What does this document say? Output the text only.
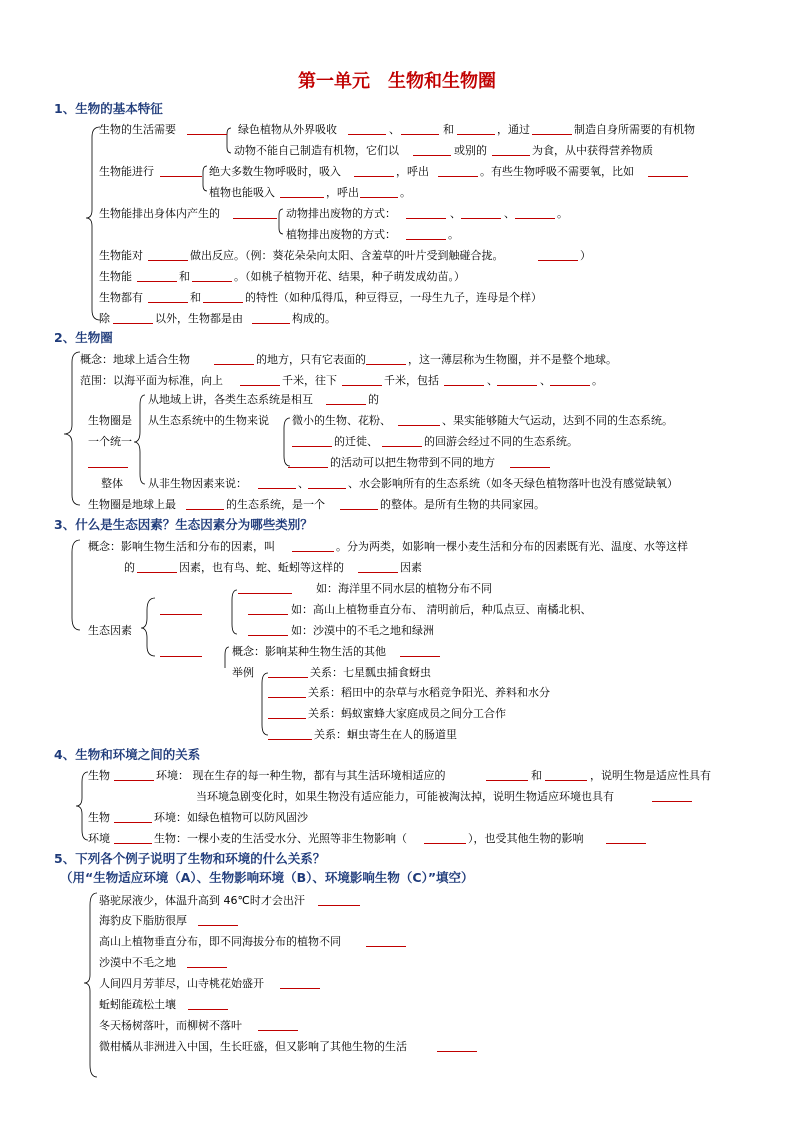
第一单元　生物和生物圈
1、生物的基本特征
生物的生活需要	绿色植物从外界吸收	、	和	，通过	制造自身所需要的有机物
动物不能自己制造有机物，它们以	或别的	为食，从中获得营养物质
生物能进行	绝大多数生物呼吸时，吸入	，呼出	。有些生物呼吸不需要氧，比如
植物也能吸入	，呼出	。
生物能排出身体内产生的	动物排出废物的方式：	、	、	。
植物排出废物的方式：	。
生物能对	做出反应。（例：葵花朵朵向太阳、含羞草的叶片受到触碰合拢。	）
生物能	和	。（如桃子植物开花、结果，种子萌发成幼苗。）
生物都有	和	的特性（如种瓜得瓜，种豆得豆，一母生九子，连母是个样）
除	以外，生物都是由	构成的。
2、生物圈
概念：地球上适合生物	的地方，只有它表面的	，这一薄层称为生物圈，并不是整个地球。
范围：以海平面为标准，向上	千米，往下	千米，包括	、	、	。
从地域上讲，各类生态系统是相互	的
生物圈是 从生态系统中的生物来说 微小的生物、花粉、	、果实能够随大气运动，达到不同的生态系统。
一个统一	的迁徙、	的回游会经过不同的生态系统。
的活动可以把生物带到不同的地方
整体 从非生物因素来说：	、	、水会影响所有的生态系统（如冬天绿色植物落叶也没有感觉缺氧）
生物圈是地球上最	的生态系统，是一个	的整体。是所有生物的共同家园。
3、什么是生态因素？生态因素分为哪些类别？
概念：影响生物生活和分布的因素，叫	。分为两类，如影响一棵小麦生活和分布的因素既有光、温度、水等这样
的	因素，也有鸟、蛇、蚯蚓等这样的	因素
如：海洋里不同水层的植物分布不同
如：高山上植物垂直分布、 清明前后，种瓜点豆、南橘北枳、
生态因素	如：沙漠中的不毛之地和绿洲
概念：影响某种生物生活的其他
举例	关系：七星瓢虫捕食蚜虫
关系：稻田中的杂草与水稻竞争阳光、养料和水分
关系：蚂蚁蜜蜂大家庭成员之间分工合作
关系：蛔虫寄生在人的肠道里
4、生物和环境之间的关系
生物	环境： 现在生存的每一种生物，都有与其生活环境相适应的	和	，说明生物是适应性具有
当环境急剧变化时，如果生物没有适应能力，可能被淘汰掉，说明生物适应环境也具有
生物	环境：如绿色植物可以防风固沙
环境	生物：一棵小麦的生活受水分、光照等非生物影响（	），也受其他生物的影响
5、下列各个例子说明了生物和环境的什么关系？
（用“生物适应环境（A）、生物影响环境（B）、环境影响生物（C）”填空）
骆驼尿液少，体温升高到 46℃时才会出汗
海豹皮下脂肪很厚
高山上植物垂直分布，即不同海拔分布的植物不同
沙漠中不毛之地
人间四月芳菲尽，山寺桃花始盛开
蚯蚓能疏松土壤
冬天杨树落叶，而柳树不落叶
微柑橘从非洲进入中国，生长旺盛，但又影响了其他生物的生活
